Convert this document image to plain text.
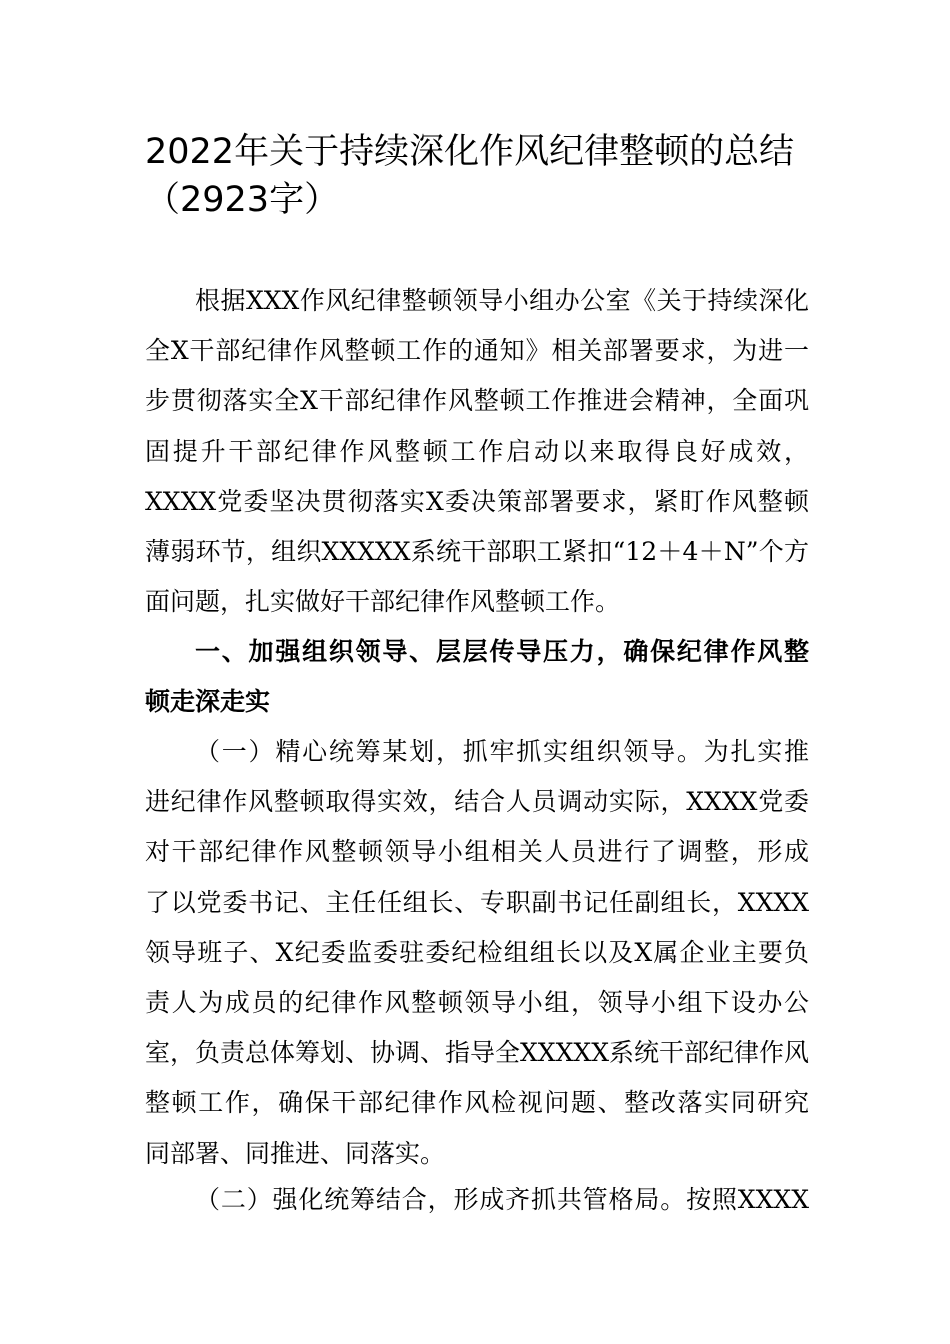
2022年关于持续深化作风纪律整顿的总结
（2923字）
根据XXX作风纪律整顿领导小组办公室《关于持续深化
全X干部纪律作风整顿工作的通知》相关部署要求，为进一
步贯彻落实全X干部纪律作风整顿工作推进会精神，全面巩
固提升干部纪律作风整顿工作启动以来取得良好成效，
XXXX党委坚决贯彻落实X委决策部署要求，紧盯作风整顿
薄弱环节，组织XXXXX系统干部职工紧扣“12＋4＋N”个方
面问题，扎实做好干部纪律作风整顿工作。
一、加强组织领导、层层传导压力，确保纪律作风整
顿走深走实
（一）精心统筹某划，抓牢抓实组织领导。为扎实推
进纪律作风整顿取得实效，结合人员调动实际，XXXX党委
对干部纪律作风整顿领导小组相关人员进行了调整，形成
了以党委书记、主任任组长、专职副书记任副组长，XXXX
领导班子、X纪委监委驻委纪检组组长以及X属企业主要负
责人为成员的纪律作风整顿领导小组，领导小组下设办公
室，负责总体筹划、协调、指导全XXXXX系统干部纪律作风
整顿工作，确保干部纪律作风检视问题、整改落实同研究
同部署、同推进、同落实。
（二）强化统筹结合，形成齐抓共管格局。按照XXXX
